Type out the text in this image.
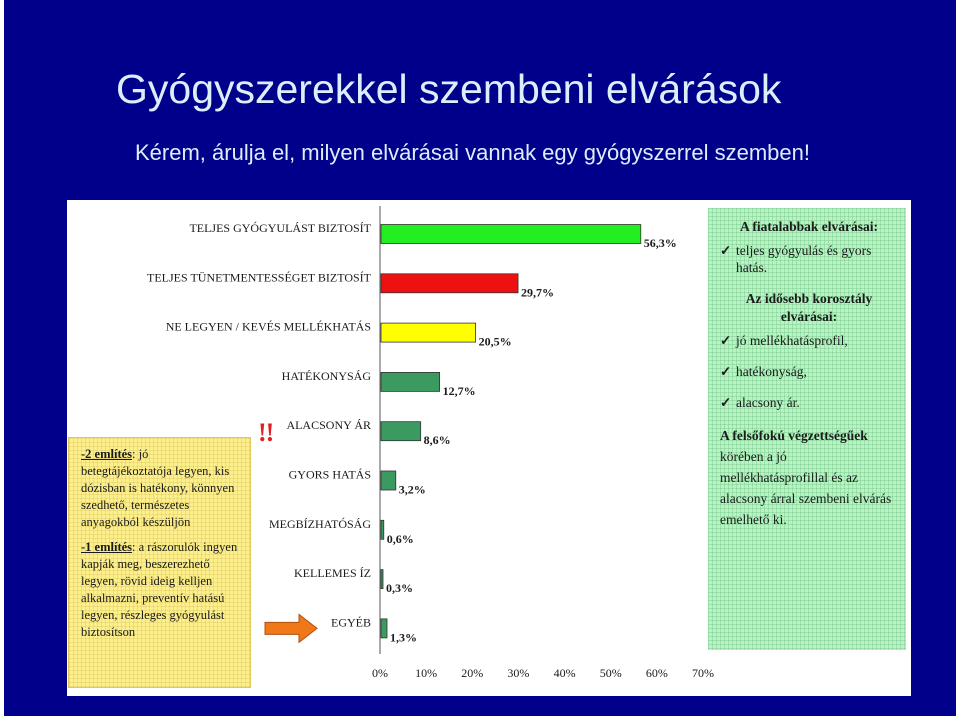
Gyógyszerekkel szembeni elvárások
Kérem, árulja el, milyen elvárásai vannak egy gyógyszerrel szemben!
0% 10% 20% 30% 40% 50% 60% 70%
TELJES GYÓGYULÁST BIZTOSÍT
56,3%
TELJES TÜNETMENTESSÉGET BIZTOSÍT
29,7%
NE LEGYEN / KEVÉS MELLÉKHATÁS
20,5%
HATÉKONYSÁG
12,7%
ALACSONY ÁR
8,6%
GYORS HATÁS
3,2%
MEGBÍZHATÓSÁG
0,6%
KELLEMES ÍZ
0,3%
EGYÉB
1,3%
!!

-2 említés: jó betegtájékoztatója legyen, kis dózisban is hatékony, könnyen szedhető, természetes anyagokból készüljön

-1 említés: a rászorulók ingyen kapják meg, beszerezhető legyen, rövid ideig kelljen alkalmazni, preventív hatású legyen, részleges gyógyulást biztosítson

A fiatalabbak elvárásai:
✓ teljes gyógyulás és gyors hatás.
Az idősebb korosztály elvárásai:
✓ jó mellékhatásprofil,
✓ hatékonyság,
✓ alacsony ár.

A felsőfokú végzettségűek körében a jó mellékhatásprofillal és az alacsony árral szembeni elvárás emelhető ki.
